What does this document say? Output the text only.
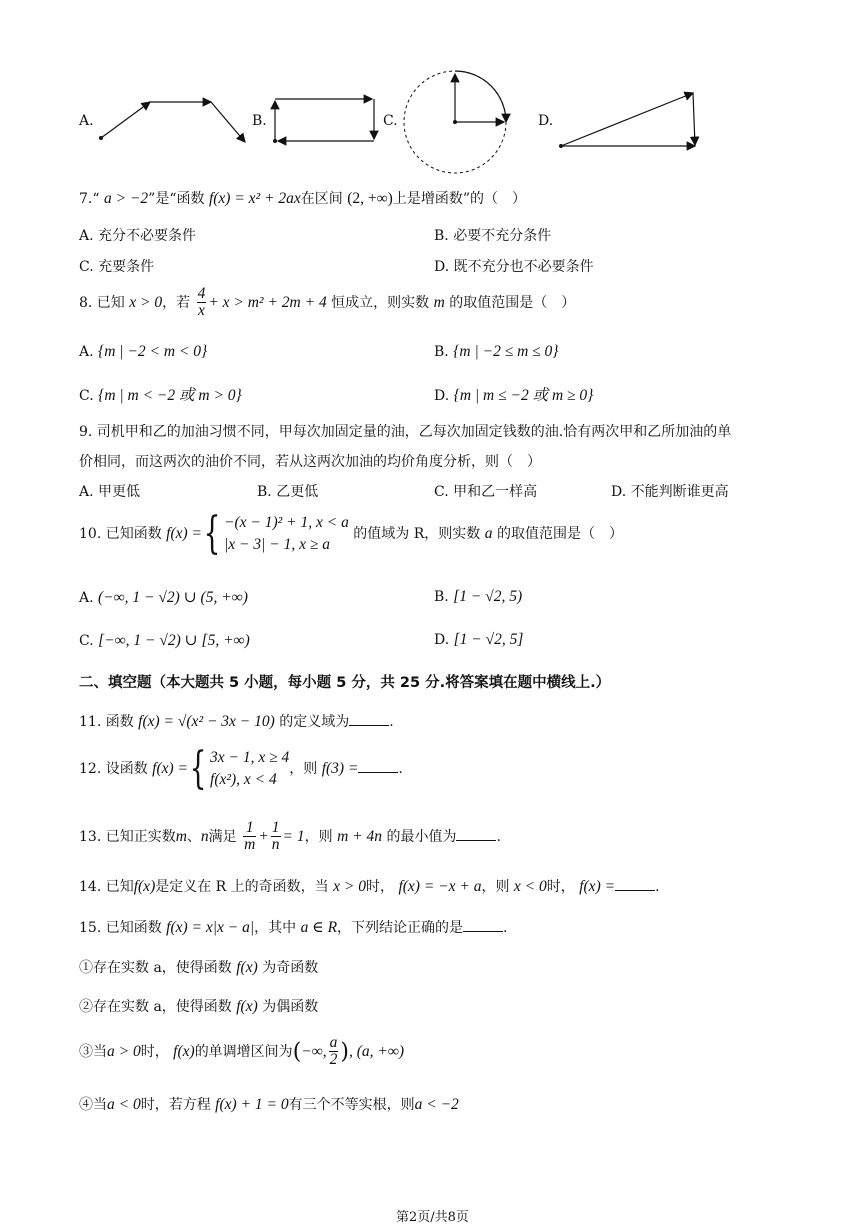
A.	B.	C.	D.
7.“ a > −2”是“函数 f(x) = x² + 2ax在区间 (2, +∞)上是增函数”的（　）
A. 充分不必要条件	B. 必要不充分条件
C. 充要条件	D. 既不充分也不必要条件
8. 已知 x > 0，若 $\frac{4}{x} + x > m^2 + 2m + 4$ 恒成立，则实数 m 的取值范围是（　）
A. {m | −2 < m < 0}	B. {m | −2 ≤ m ≤ 0}
C. {m | m < −2 或 m > 0}	D. {m | m ≤ −2 或 m ≥ 0}
9. 司机甲和乙的加油习惯不同，甲每次加固定量的油，乙每次加固定钱数的油.恰有两次甲和乙所加油的单
价相同，而这两次的油价不同，若从这两次加油的均价角度分析，则（　）
A. 甲更低	B. 乙更低	C. 甲和乙一样高	D. 不能判断谁更高
10. 已知函数 f(x) ={ −(x − 1)² + 1, x < a
|x − 3| − 1, x ≥ a
的值域为 R，则实数 a 的取值范围是（　）
A. (−∞, 1 − √2) ∪ (5, +∞)	B. [1 − √2, 5)
C. [−∞, 1 − √2) ∪ [5, +∞)	D. [1 − √2, 5]
二、填空题（本大题共 5 小题，每小题 5 分，共 25 分.将答案填在题中横线上.）
11. 函数 f(x) = √(x² − 3x − 10) 的定义域为	.
12. 设函数 f(x) ={ 3x − 1, x ≥ 4
f(x²), x < 4
，则 f(3) =	.
13. 已知正实数m、n满足 $\frac{1}{m} + \frac{1}{n} = 1$，则 m + 4n 的最小值为	.
14. 已知f(x)是定义在 R 上的奇函数，当 x > 0时， f(x) = −x + a，则 x < 0时， f(x) =	.
15. 已知函数 f(x) = x|x − a|，其中 a ∈ R，下列结论正确的是	.
①存在实数 a，使得函数 f(x) 为奇函数
②存在实数 a，使得函数 f(x) 为偶函数
③当a > 0时， f(x)的单调增区间为(−∞, $\frac{a}{2}$ ), (a, +∞)
④当a < 0时，若方程 f(x) + 1 = 0有三个不等实根，则a < −2
第2页/共8页
